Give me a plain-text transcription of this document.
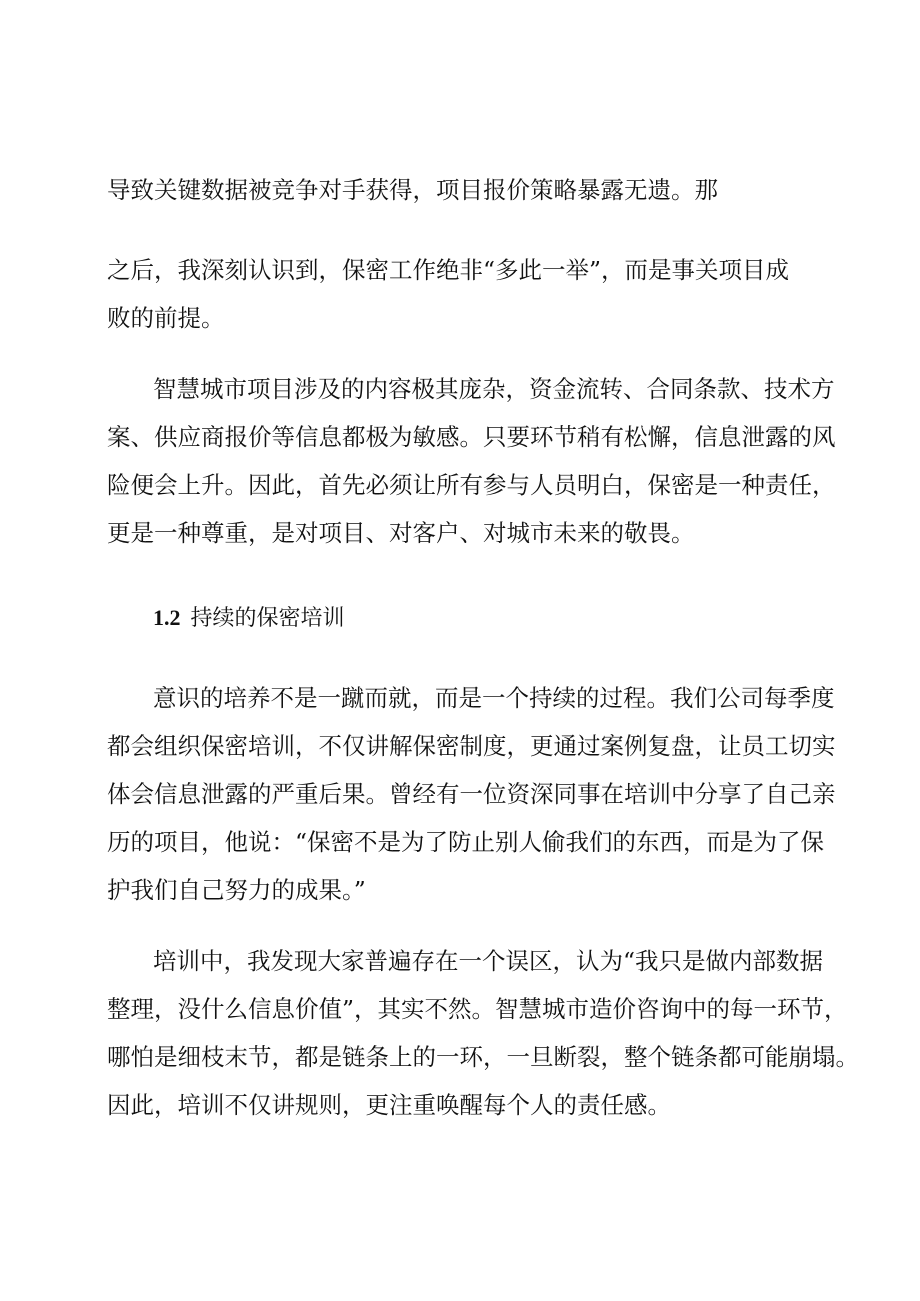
导致关键数据被竞争对手获得，项目报价策略暴露无遗。那

之后，我深刻认识到，保密工作绝非“多此一举”，而是事关项目成

败的前提。

智慧城市项目涉及的内容极其庞杂，资金流转、合同条款、技术方

案、供应商报价等信息都极为敏感。只要环节稍有松懈，信息泄露的风

险便会上升。因此，首先必须让所有参与人员明白，保密是一种责任，

更是一种尊重，是对项目、对客户、对城市未来的敬畏。

1.2 持续的保密培训

意识的培养不是一蹴而就，而是一个持续的过程。我们公司每季度

都会组织保密培训，不仅讲解保密制度，更通过案例复盘，让员工切实

体会信息泄露的严重后果。曾经有一位资深同事在培训中分享了自己亲

历的项目，他说：“保密不是为了防止别人偷我们的东西，而是为了保

护我们自己努力的成果。”

培训中，我发现大家普遍存在一个误区，认为“我只是做内部数据

整理，没什么信息价值”，其实不然。智慧城市造价咨询中的每一环节，

哪怕是细枝末节，都是链条上的一环，一旦断裂，整个链条都可能崩塌。

因此，培训不仅讲规则，更注重唤醒每个人的责任感。
